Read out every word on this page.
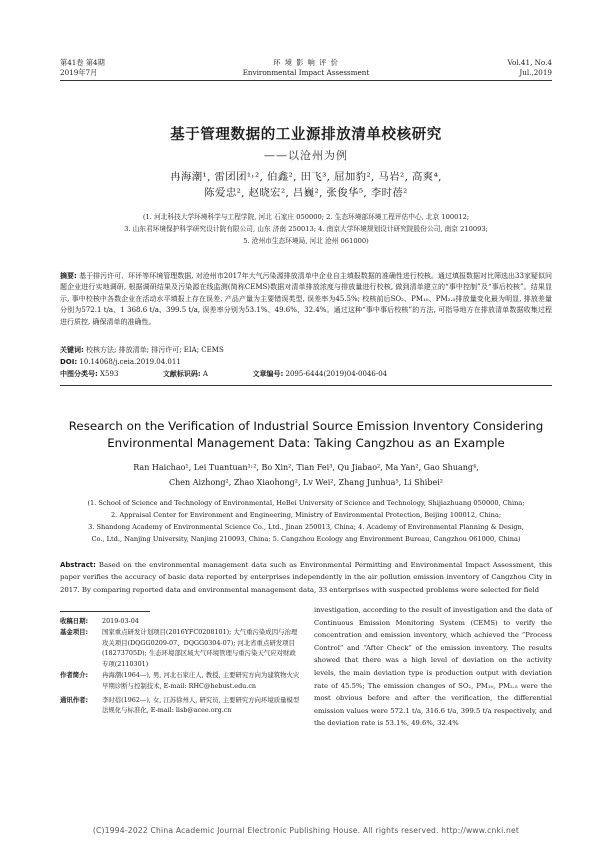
第41卷 第4期
2019年7月
环 境 影 响 评 价
Environmental Impact Assessment
Vol.41, No.4
Jul.,2019
基于管理数据的工业源排放清单校核研究
——以沧州为例
冉海潮¹, 雷团团¹˒², 伯鑫², 田飞³, 屈加豹², 马岩², 高爽⁴,
陈爱忠², 赵晓宏², 吕巍², 张俊华⁵, 李时蓓²
(1. 河北科技大学环境科学与工程学院, 河北 石家庄 050000; 2. 生态环境部环境工程评估中心, 北京 100012;
3. 山东君环境保护科学研究设计院有限公司, 山东 济南 250013; 4. 南京大学环境规划设计研究院股份公司, 南京 210093;
5. 沧州市生态环境局, 河北 沧州 061000)
摘要: 基于排污许可、环评等环境管理数据, 对沧州市2017年大气污染源排放清单中企业自主填报数据的准确性进行校核。通过填报数据对比筛选出33家疑似问题企业进行实地调研, 根据调研结果及污染源在线监测(简称CEMS)数据对清单排放浓度与排放量进行校核, 做到清单建立的“事中控制”及“事后校核”。结果显示, 事中校核中各数企业在活动水平填报上存在误差, 产品产量为主要错误类型, 误差率为45.5%; 校核前后SO₂、PM₁₀、PM₂.₅排放量变化最为明显, 排放差量分别为572.1 t/a、1 368.6 t/a、399.5 t/a, 误差率分别为53.1%、49.6%、32.4%。通过这种“事中事后校核”的方法, 可指导地方在排放清单数据收集过程进行质控, 确保清单的准确性。
关键词: 校核方法; 排放清单; 排污许可; EIA; CEMS
DOI: 10.14068/j.ceia.2019.04.011
中图分类号: X593	文献标识码: A	文章编号: 2095-6444(2019)04-0046-04
Research on the Verification of Industrial Source Emission Inventory Considering
Environmental Management Data: Taking Cangzhou as an Example
Ran Haichao¹, Lei Tuantuan¹˒², Bo Xin², Tian Fei³, Qu Jiabao², Ma Yan², Gao Shuang⁴,
Chen Aizhong², Zhao Xiaohong², Lv Wei², Zhang Junhua⁵, Li Shibei²
(1. School of Science and Technology of Environmental, HeBei University of Science and Technology, Shijiazhuang 050000, China;
2. Appraisal Center for Environment and Engineering, Ministry of Environmental Protection, Beijing 100012, China;
3. Shandong Academy of Environmental Science Co., Ltd., Jinan 250013, China; 4. Academy of Environmental Planning & Design,
Co., Ltd., Nanjing University, Nanjing 210093, China; 5. Cangzhou Ecology ang Environment Bureau, Cangzhou 061000, China)
Abstract: Based on the environmental management data such as Environmental Permitting and Environmental Impact Assessment, this paper verifies the accuracy of basic data reported by enterprises independently in the air pollution emission inventory of Cangzhou City in 2017. By comparing reported data and environmental management data, 33 enterprises with suspected problems were selected for field
收稿日期:	2019-03-04
基金项目:	国家重点研发计划项目(2016YFC0208101); 大气重污染成因与治理攻关项目(DQGG0209-07、DQGG0304-07); 河北省重点研发项目(18273705D); 生态环境部区域大气环境管理与重污染天气应对财政专项(2110301)
作者简介:	冉海潮(1964—), 男, 河北石家庄人, 教授, 主要研究方向为建筑物火灾早期诊断与控制技术, E-mail: RHC@hebust.edu.cn
通讯作者:	李时蓓(1962—), 女, 江苏徐州人, 研究员, 主要研究方向环境质量模型法规化与标准化, E-mail: lisb@acee.org.cn
investigation, according to the result of investigation and the data of Continuous Emission Monitoring System (CEMS) to verify the concentration and emission inventory, which achieved the “Process Control” and “After Check” of the emission inventory. The results showed that there was a high level of deviation on the activity levels, the main deviation type is production output with deviation rate of 45.5%; The emission changes of SO₂, PM₁₀, PM₂.₅ were the most obvious before and after the verification, the differential emission values were 572.1 t/a, 316.6 t/a, 399.5 t/a respectively, and the deviation rate is 53.1%, 49.6%, 32.4%
(C)1994-2022 China Academic Journal Electronic Publishing House. All rights reserved. http://www.cnki.net
